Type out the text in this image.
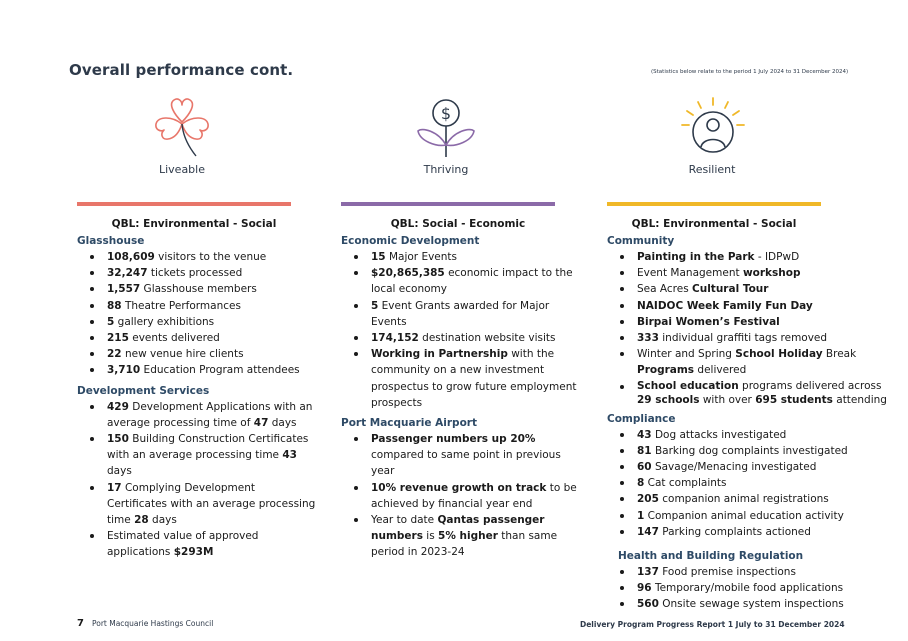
Overall performance cont.	(Statistics below relate to the period 1 July 2024 to 31 December 2024)
Liveable
$
Thriving	Resilient
QBL: Environmental - Social
Glasshouse
108,609 visitors to the venue
32,247 tickets processed
1,557 Glasshouse members
88 Theatre Performances
5 gallery exhibitions
215 events delivered
22 new venue hire clients
3,710 Education Program attendees
Development Services
429 Development Applications with an average processing time of 47 days
150 Building Construction Certificates with an average processing time 43 days
17 Complying Development Certificates with an average processing time 28 days
Estimated value of approved applications $293M
QBL: Social - Economic
Economic Development
15 Major Events
$20,865,385 economic impact to the local economy
5 Event Grants awarded for Major Events
174,152 destination website visits
Working in Partnership with the community on a new investment prospectus to grow future employment prospects
Port Macquarie Airport
Passenger numbers up 20% compared to same point in previous year
10% revenue growth on track to be achieved by financial year end
Year to date Qantas passenger numbers is 5% higher than same period in 2023-24
QBL: Environmental - Social
Community
Painting in the Park - IDPwD
Event Management workshop
Sea Acres Cultural Tour
NAIDOC Week Family Fun Day
Birpai Women’s Festival
333 individual graffiti tags removed
Winter and Spring School Holiday Break Programs delivered
School education programs delivered across 29 schools with over 695 students attending
Compliance
43 Dog attacks investigated
81 Barking dog complaints investigated
60 Savage/Menacing investigated
8 Cat complaints
205 companion animal registrations
1 Companion animal education activity
147 Parking complaints actioned
Health and Building Regulation
137 Food premise inspections
96 Temporary/mobile food applications
560 Onsite sewage system inspections
7 Port Macquarie Hastings Council	Delivery Program Progress Report 1 July to 31 December 2024
